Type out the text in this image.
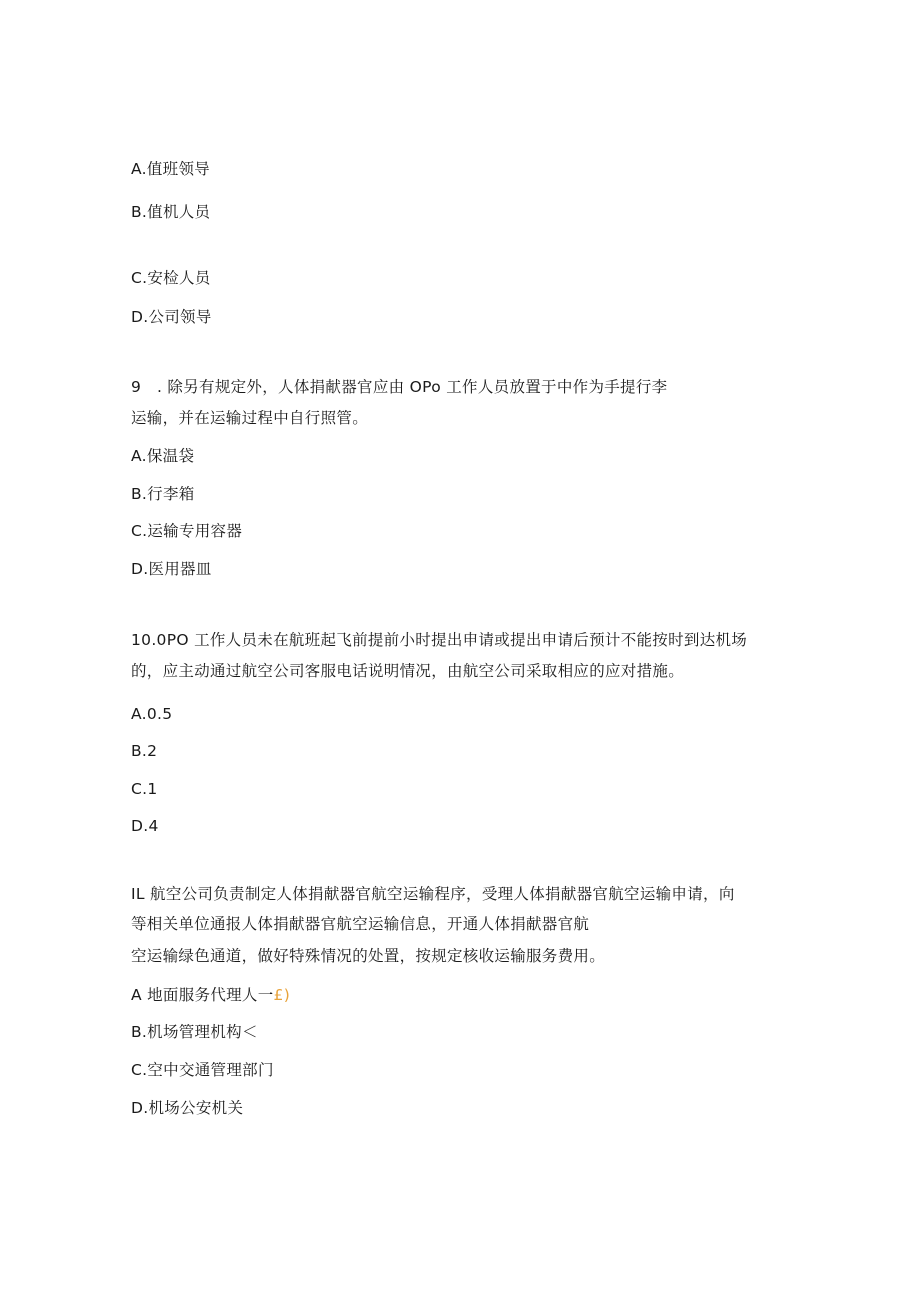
A.值班领导
B.值机人员
C.安检人员
D.公司领导
9　. 除另有规定外，人体捐献器官应由 OPo 工作人员放置于中作为手提行李
运输，并在运输过程中自行照管。
A.保温袋
B.行李箱
C.运输专用容器
D.医用器皿
10.0PO 工作人员未在航班起飞前提前小时提出申请或提出申请后预计不能按时到达机场
的，应主动通过航空公司客服电话说明情况，由航空公司采取相应的应对措施。
A.0.5
B.2
C.1
D.4
IL 航空公司负责制定人体捐献器官航空运输程序，受理人体捐献器官航空运输申请，向
等相关单位通报人体捐献器官航空运输信息，开通人体捐献器官航
空运输绿色通道，做好特殊情况的处置，按规定核收运输服务费用。
A 地面服务代理人一£)
B.机场管理机构＜
C.空中交通管理部门
D.机场公安机关
